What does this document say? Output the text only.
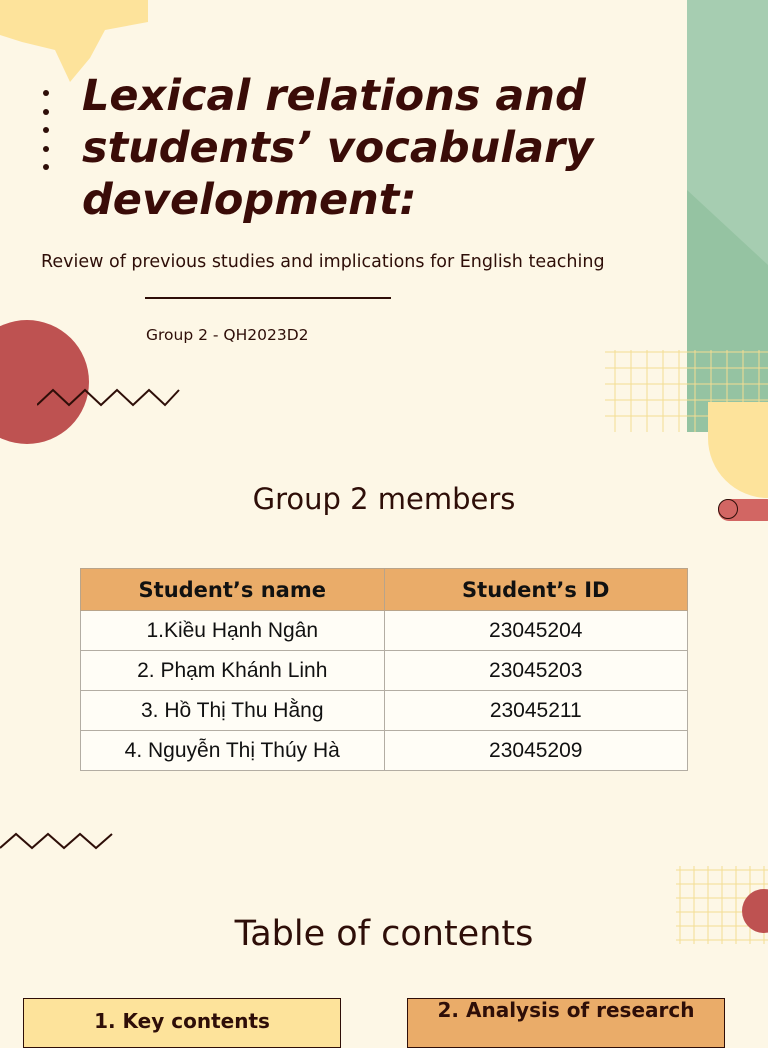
Lexical relations and students’ vocabulary development:
Review of previous studies and implications for English teaching
Group 2 - QH2023D2
Group 2 members
Student’s name	Student’s ID
1.Kiều Hạnh Ngân	23045204
2. Phạm Khánh Linh	23045203
3. Hồ Thị Thu Hằng	23045211
4. Nguyễn Thị Thúy Hà	23045209
Table of contents
1. Key contents	2. Analysis of research
